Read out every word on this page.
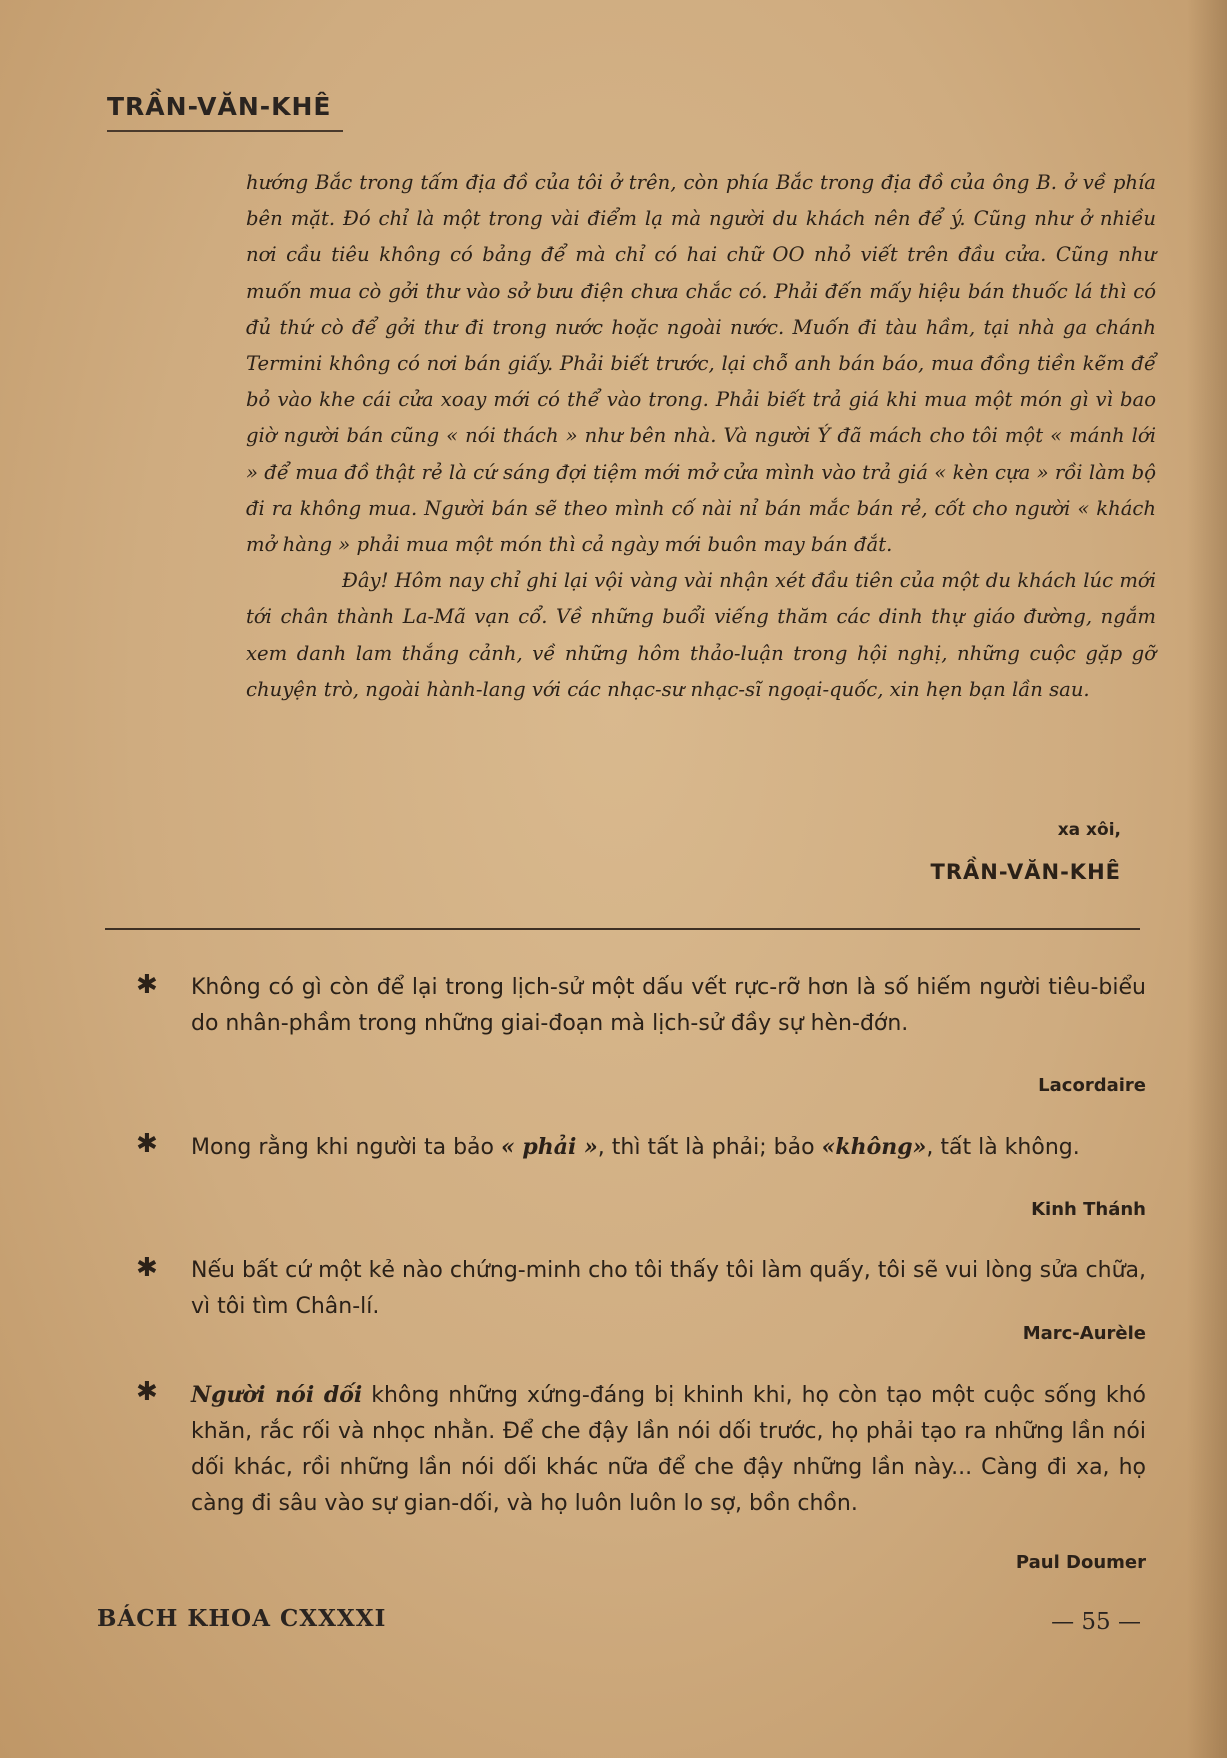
TRẦN-VĂN-KHÊ

hướng Bắc trong tấm địa đồ của tôi ở trên, còn phía Bắc trong địa đồ của ông B. ở về phía bên mặt. Đó chỉ là một trong vài điểm lạ mà người du khách nên để ý. Cũng như ở nhiều nơi cầu tiêu không có bảng để mà chỉ có hai chữ OO nhỏ viết trên đầu cửa. Cũng như muốn mua cò gởi thư vào sở bưu điện chưa chắc có. Phải đến mấy hiệu bán thuốc lá thì có đủ thứ cò để gởi thư đi trong nước hoặc ngoài nước. Muốn đi tàu hầm, tại nhà ga chánh Termini không có nơi bán giấy. Phải biết trước, lại chỗ anh bán báo, mua đồng tiền kẽm để bỏ vào khe cái cửa xoay mới có thể vào trong. Phải biết trả giá khi mua một món gì vì bao giờ người bán cũng « nói thách » như bên nhà. Và người Ý đã mách cho tôi một « mánh lới » để mua đồ thật rẻ là cứ sáng đợi tiệm mới mở cửa mình vào trả giá « kèn cựa » rồi làm bộ đi ra không mua. Người bán sẽ theo mình cố nài nỉ bán mắc bán rẻ, cốt cho người « khách mở hàng » phải mua một món thì cả ngày mới buôn may bán đắt.

Đây! Hôm nay chỉ ghi lại vội vàng vài nhận xét đầu tiên của một du khách lúc mới tới chân thành La-Mã vạn cổ. Về những buổi viếng thăm các dinh thự giáo đường, ngắm xem danh lam thắng cảnh, về những hôm thảo-luận trong hội nghị, những cuộc gặp gỡ chuyện trò, ngoài hành-lang với các nhạc-sư nhạc-sĩ ngoại-quốc, xin hẹn bạn lần sau.

xa xôi,
TRẦN-VĂN-KHÊ
✱ Không có gì còn để lại trong lịch-sử một dấu vết rực-rỡ hơn là số hiếm người tiêu-biểu do nhân-phầm trong những giai-đoạn mà lịch-sử đầy sự hèn-đớn.
Lacordaire
✱ Mong rằng khi người ta bảo « phải », thì tất là phải; bảo «không», tất là không.
Kinh Thánh
✱ Nếu bất cứ một kẻ nào chứng-minh cho tôi thấy tôi làm quấy, tôi sẽ vui lòng sửa chữa, vì tôi tìm Chân-lí.
Marc-Aurèle
✱ Người nói dối không những xứng-đáng bị khinh khi, họ còn tạo một cuộc sống khó khăn, rắc rối và nhọc nhằn. Để che đậy lần nói dối trước, họ phải tạo ra những lần nói dối khác, rồi những lần nói dối khác nữa để che đậy những lần này... Càng đi xa, họ càng đi sâu vào sự gian-dối, và họ luôn luôn lo sợ, bồn chồn.
Paul Doumer
BÁCH KHOA CXXXXI	— 55 —
